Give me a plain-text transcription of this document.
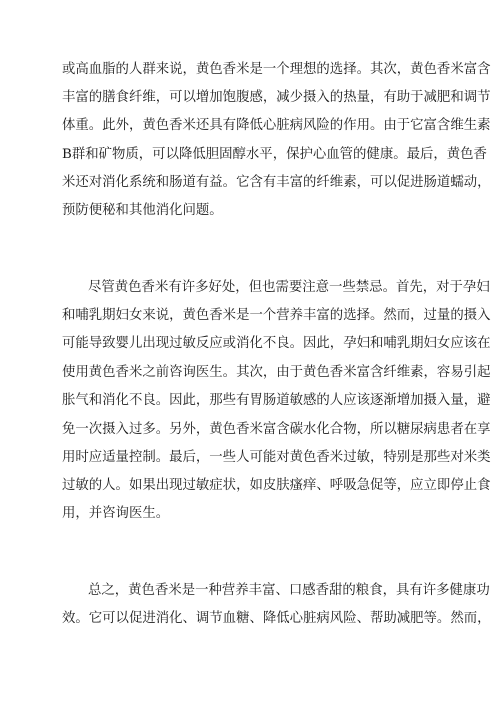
或高血脂的人群来说，黄色香米是一个理想的选择。其次，黄色香米富含
丰富的膳食纤维，可以增加饱腹感，减少摄入的热量，有助于减肥和调节
体重。此外，黄色香米还具有降低心脏病风险的作用。由于它富含维生素
B群和矿物质，可以降低胆固醇水平，保护心血管的健康。最后，黄色香
米还对消化系统和肠道有益。它含有丰富的纤维素，可以促进肠道蠕动，
预防便秘和其他消化问题。
尽管黄色香米有许多好处，但也需要注意一些禁忌。首先，对于孕妇
和哺乳期妇女来说，黄色香米是一个营养丰富的选择。然而，过量的摄入
可能导致婴儿出现过敏反应或消化不良。因此，孕妇和哺乳期妇女应该在
使用黄色香米之前咨询医生。其次，由于黄色香米富含纤维素，容易引起
胀气和消化不良。因此，那些有胃肠道敏感的人应该逐渐增加摄入量，避
免一次摄入过多。另外，黄色香米富含碳水化合物，所以糖尿病患者在享
用时应适量控制。最后，一些人可能对黄色香米过敏，特别是那些对米类
过敏的人。如果出现过敏症状，如皮肤瘙痒、呼吸急促等，应立即停止食
用，并咨询医生。
总之，黄色香米是一种营养丰富、口感香甜的粮食，具有许多健康功
效。它可以促进消化、调节血糖、降低心脏病风险、帮助减肥等。然而，
